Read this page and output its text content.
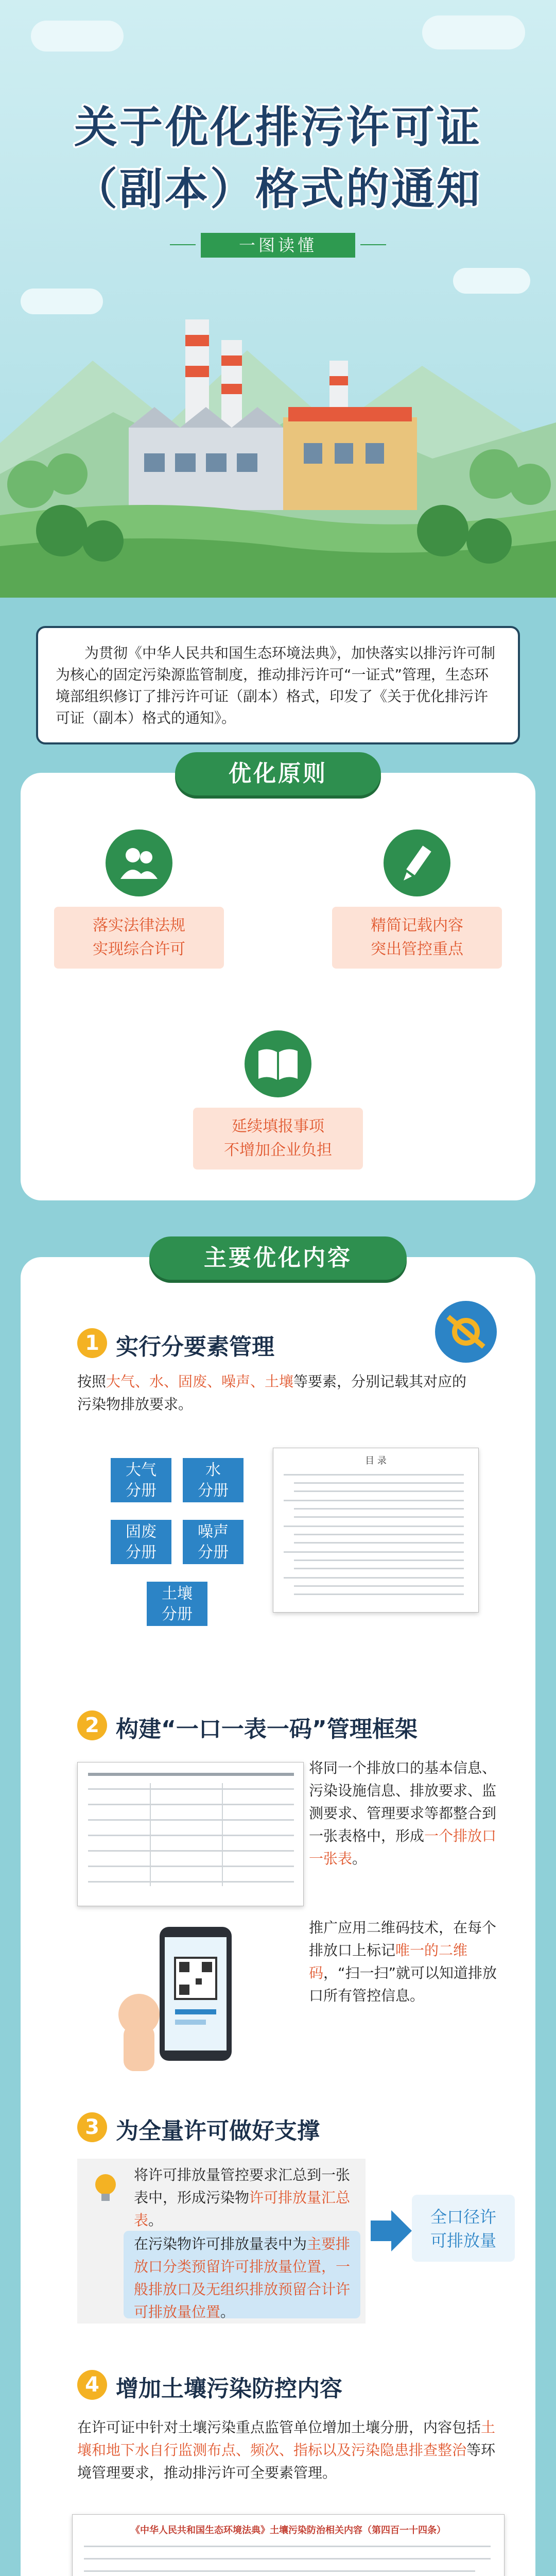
关于优化排污许可证
（副本）格式的通知
一图读懂
为贯彻《中华人民共和国生态环境法典》，加快落实以排污许可制为核心的固定污染源监管制度，推动排污许可“一证式”管理，生态环境部组织修订了排污许可证（副本）格式，印发了《关于优化排污许可证（副本）格式的通知》。
优化原则
落实法律法规
实现综合许可
精简记载内容
突出管控重点
延续填报事项
不增加企业负担
主要优化内容
1 实行分要素管理
按照大气、水、固废、噪声、土壤等要素，分别记载其对应的污染物排放要求。
大气
分册
水
分册
固废
分册
噪声
分册
土壤
分册
目 录
2 构建“一口一表一码”管理框架
将同一个排放口的基本信息、污染设施信息、排放要求、监测要求、管理要求等都整合到一张表格中，形成一个排放口一张表。
推广应用二维码技术，在每个排放口上标记唯一的二维码，“扫一扫”就可以知道排放口所有管控信息。
3 为全量许可做好支撑
将许可排放量管控要求汇总到一张表中，形成污染物许可排放量汇总表。
在污染物许可排放量表中为主要排放口分类预留许可排放量位置，一般排放口及无组织排放预留合计许可排放量位置。
全口径许
可排放量
4 增加土壤污染防控内容
在许可证中针对土壤污染重点监管单位增加土壤分册，内容包括土壤和地下水自行监测布点、频次、指标以及污染隐患排查整治等环境管理要求，推动排污许可全要素管理。
《中华人民共和国生态环境法典》土壤污染防治相关内容（第四百一十四条）
